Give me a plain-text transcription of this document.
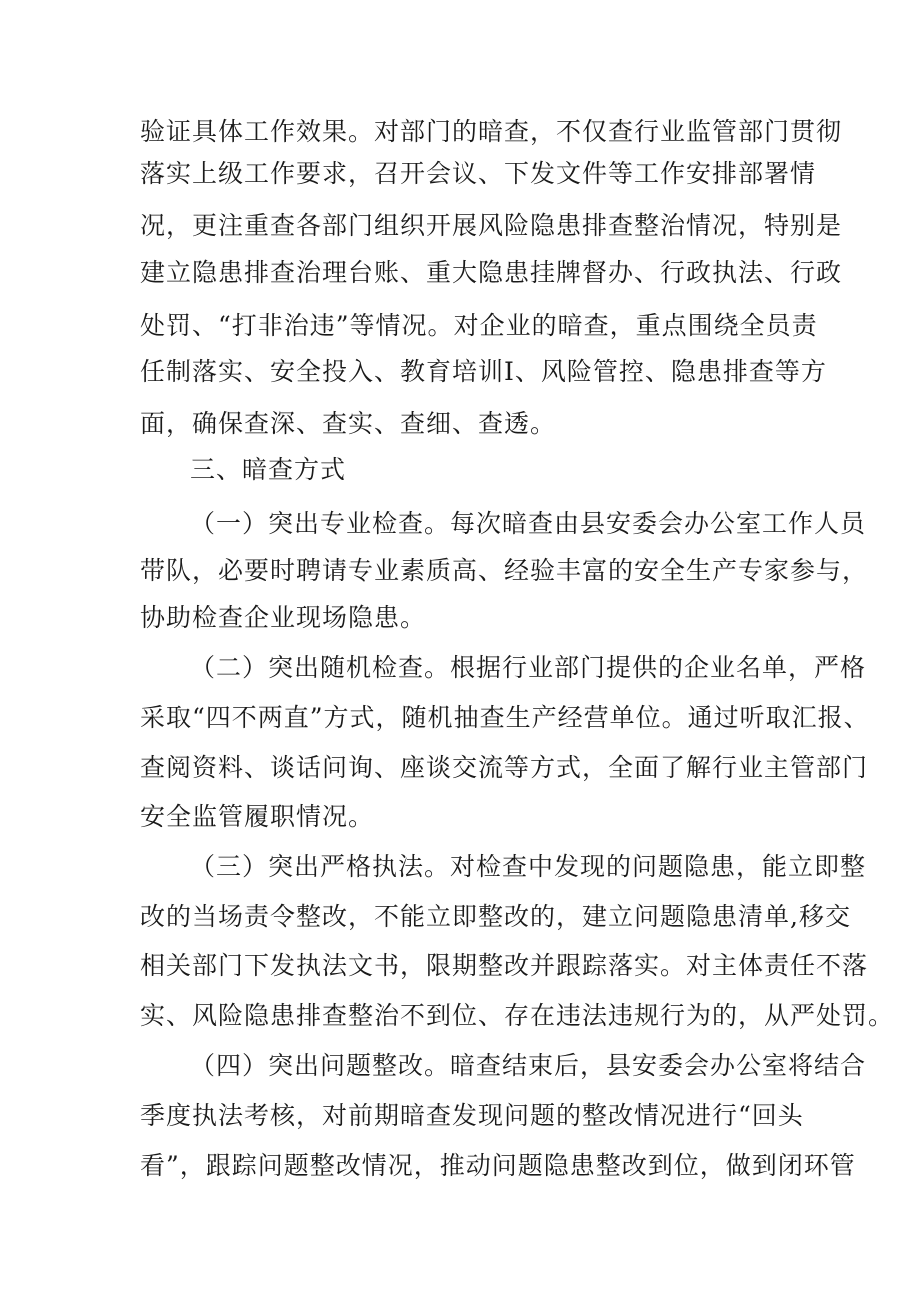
验证具体工作效果。对部门的暗查，不仅查行业监管部门贯彻
落实上级工作要求，召开会议、下发文件等工作安排部署情
况，更注重查各部门组织开展风险隐患排查整治情况，特别是
建立隐患排查治理台账、重大隐患挂牌督办、行政执法、行政
处罚、“打非治违”等情况。对企业的暗查，重点围绕全员责
任制落实、安全投入、教育培训I、风险管控、隐患排查等方
面，确保查深、查实、查细、查透。
三、暗查方式
（一）突出专业检查。每次暗查由县安委会办公室工作人员
带队，必要时聘请专业素质高、经验丰富的安全生产专家参与，
协助检查企业现场隐患。
（二）突出随机检查。根据行业部门提供的企业名单，严格
采取“四不两直”方式，随机抽查生产经营单位。通过听取汇报、
查阅资料、谈话问询、座谈交流等方式，全面了解行业主管部门
安全监管履职情况。
（三）突出严格执法。对检查中发现的问题隐患，能立即整
改的当场责令整改，不能立即整改的，建立问题隐患清单,移交
相关部门下发执法文书，限期整改并跟踪落实。对主体责任不落
实、风险隐患排查整治不到位、存在违法违规行为的，从严处罚。
（四）突出问题整改。暗查结束后，县安委会办公室将结合
季度执法考核，对前期暗查发现问题的整改情况进行“回头
看”，跟踪问题整改情况，推动问题隐患整改到位，做到闭环管
